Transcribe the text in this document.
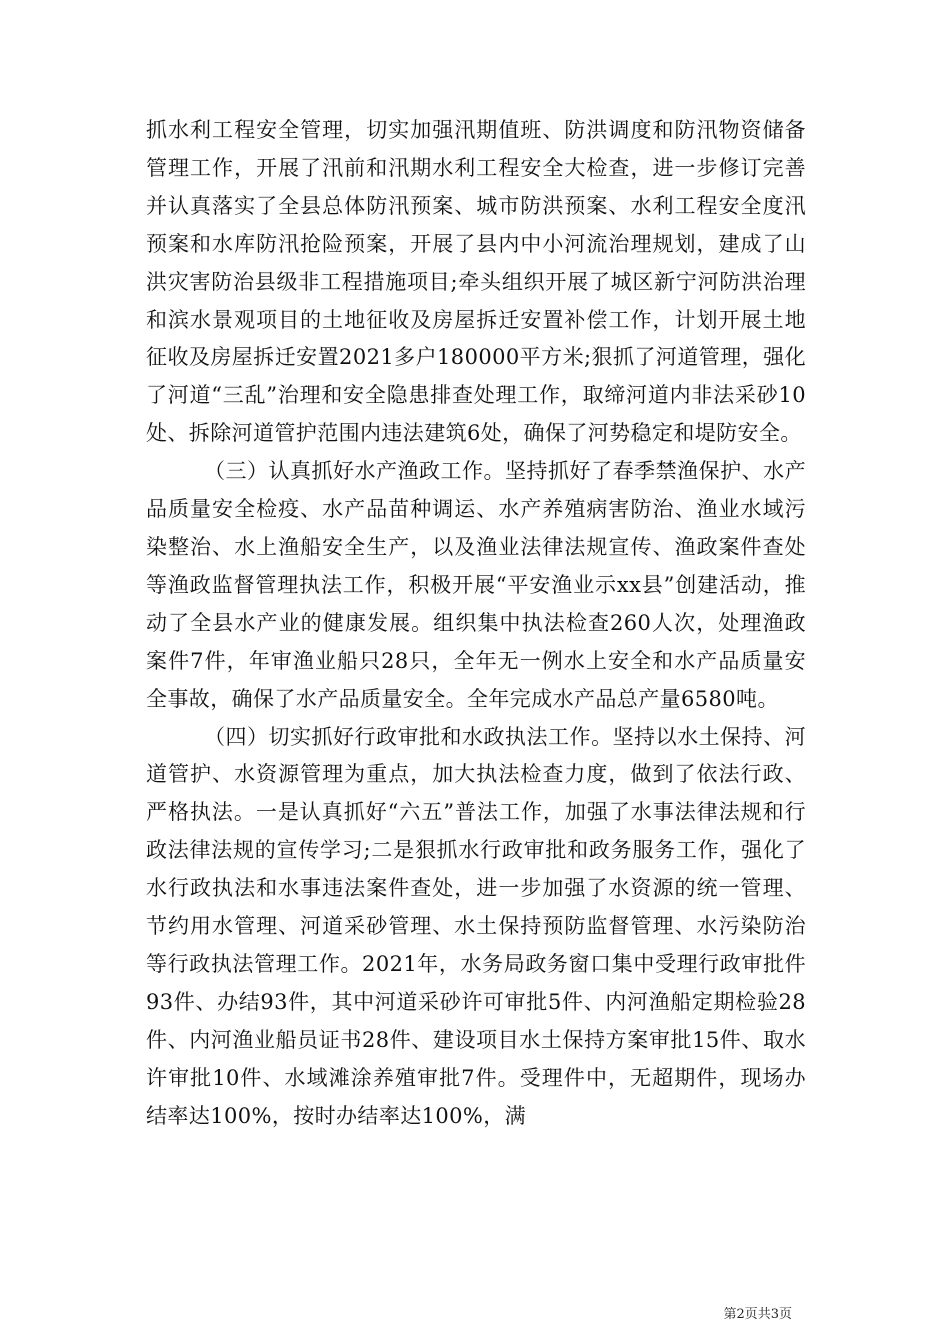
抓水利工程安全管理，切实加强汛期值班、防洪调度和防汛物资储备管理工作，开展了汛前和汛期水利工程安全大检查，进一步修订完善并认真落实了全县总体防汛预案、城市防洪预案、水利工程安全度汛预案和水库防汛抢险预案，开展了县内中小河流治理规划，建成了山洪灾害防治县级非工程措施项目;牵头组织开展了城区新宁河防洪治理和滨水景观项目的土地征收及房屋拆迁安置补偿工作，计划开展土地征收及房屋拆迁安置2021多户180000平方米;狠抓了河道管理，强化了河道“三乱”治理和安全隐患排查处理工作，取缔河道内非法采砂10处、拆除河道管护范围内违法建筑6处，确保了河势稳定和堤防安全。

（三）认真抓好水产渔政工作。坚持抓好了春季禁渔保护、水产品质量安全检疫、水产品苗种调运、水产养殖病害防治、渔业水域污染整治、水上渔船安全生产，以及渔业法律法规宣传、渔政案件查处等渔政监督管理执法工作，积极开展“平安渔业示xx县”创建活动，推动了全县水产业的健康发展。组织集中执法检查260人次，处理渔政案件7件，年审渔业船只28只，全年无一例水上安全和水产品质量安全事故，确保了水产品质量安全。全年完成水产品总产量6580吨。

（四）切实抓好行政审批和水政执法工作。坚持以水土保持、河道管护、水资源管理为重点，加大执法检查力度，做到了依法行政、严格执法。一是认真抓好“六五”普法工作，加强了水事法律法规和行政法律法规的宣传学习;二是狠抓水行政审批和政务服务工作，强化了水行政执法和水事违法案件查处，进一步加强了水资源的统一管理、节约用水管理、河道采砂管理、水土保持预防监督管理、水污染防治等行政执法管理工作。2021年，水务局政务窗口集中受理行政审批件93件、办结93件，其中河道采砂许可审批5件、内河渔船定期检验28件、内河渔业船员证书28件、建设项目水土保持方案审批15件、取水许审批10件、水域滩涂养殖审批7件。受理件中，无超期件，现场办结率达100%，按时办结率达100%，满

第2页共3页
